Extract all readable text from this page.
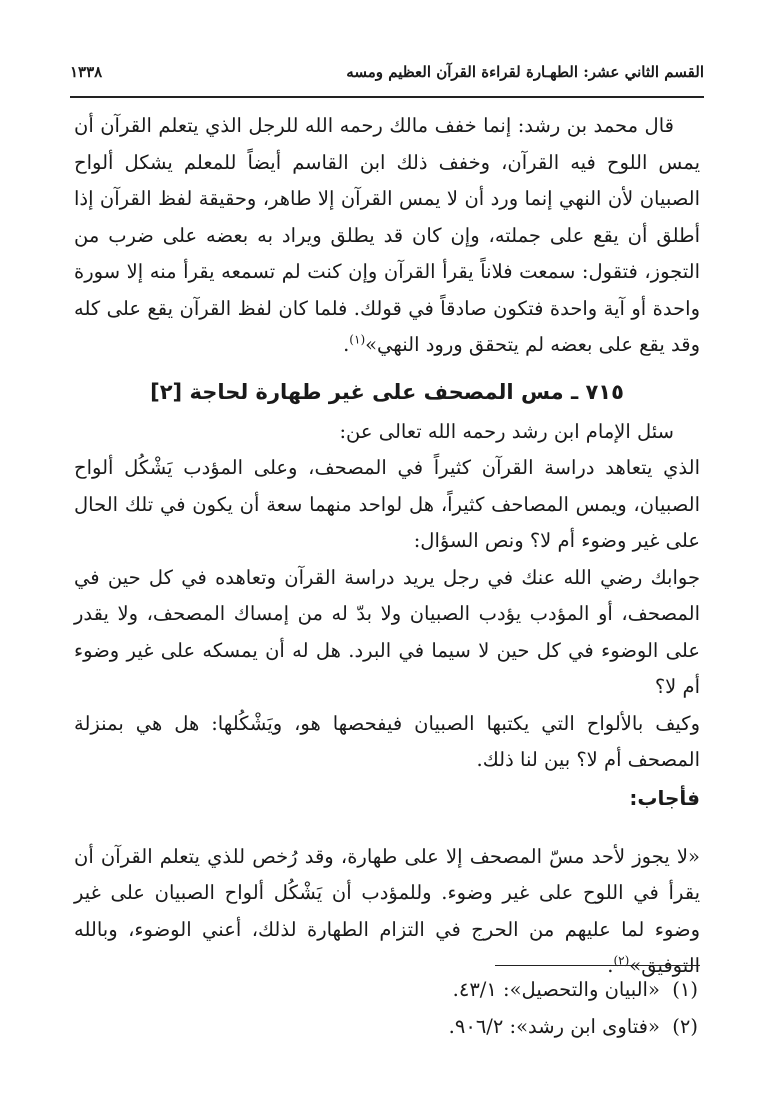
القسم الثاني عشر: الطهـارة لقراءة القرآن العظيم ومسه
١٣٣٨

قال محمد بن رشد: إنما خفف مالك رحمه الله للرجل الذي يتعلم القرآن أن يمس اللوح فيه القرآن، وخفف ذلك ابن القاسم أيضاً للمعلم يشكل ألواح الصبيان لأن النهي إنما ورد أن لا يمس القرآن إلا طاهر، وحقيقة لفظ القرآن إذا أطلق أن يقع على جملته، وإن كان قد يطلق ويراد به بعضه على ضرب من التجوز، فتقول: سمعت فلاناً يقرأ القرآن وإن كنت لم تسمعه يقرأ منه إلا سورة واحدة أو آية واحدة فتكون صادقاً في قولك. فلما كان لفظ القرآن يقع على كله وقد يقع على بعضه لم يتحقق ورود النهي»$^{(١)}$.

٧١٥ ـ مس المصحف على غير طهارة لحاجة [٢]

سئل الإمام ابن رشد رحمه الله تعالى عن:

الذي يتعاهد دراسة القرآن كثيراً في المصحف، وعلى المؤدب يَشْكُل ألواح الصبيان، ويمس المصاحف كثيراً، هل لواحد منهما سعة أن يكون في تلك الحال على غير وضوء أم لا؟ ونص السؤال:

جوابك رضي الله عنك في رجل يريد دراسة القرآن وتعاهده في كل حين في المصحف، أو المؤدب يؤدب الصبيان ولا بدّ له من إمساك المصحف، ولا يقدر على الوضوء في كل حين لا سيما في البرد. هل له أن يمسكه على غير وضوء أم لا؟

وكيف بالألواح التي يكتبها الصبيان فيفحصها هو، ويَشْكُلها: هل هي بمنزلة المصحف أم لا؟ بين لنا ذلك.

فأجاب:

«لا يجوز لأحد مسّ المصحف إلا على طهارة، وقد رُخص للذي يتعلم القرآن أن يقرأ في اللوح على غير وضوء. وللمؤدب أن يَشْكُل ألواح الصبيان على غير وضوء لما عليهم من الحرج في التزام الطهارة لذلك، أعني الوضوء، وبالله التوفيق»$^{(٢)}$.

(١)  «البيان والتحصيل»: ٤٣/١.

(٢)  «فتاوى ابن رشد»: ٩٠٦/٢.
